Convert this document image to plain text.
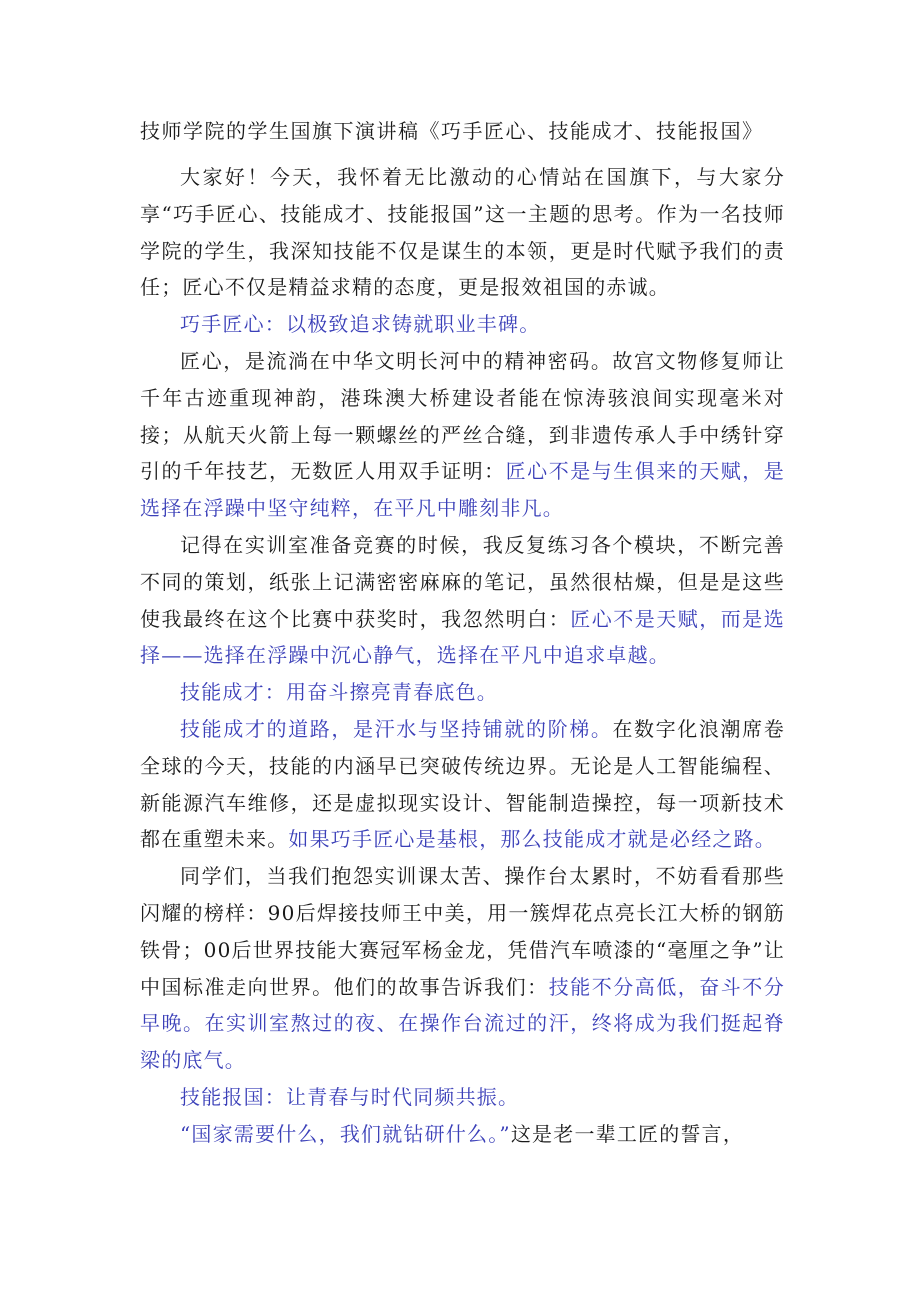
技师学院的学生国旗下演讲稿《巧手匠心、技能成才、技能报国》

大家好！今天，我怀着无比激动的心情站在国旗下，与大家分享“巧手匠心、技能成才、技能报国”这一主题的思考。作为一名技师学院的学生，我深知技能不仅是谋生的本领，更是时代赋予我们的责任；匠心不仅是精益求精的态度，更是报效祖国的赤诚。

巧手匠心：以极致追求铸就职业丰碑。

匠心，是流淌在中华文明长河中的精神密码。故宫文物修复师让千年古迹重现神韵，港珠澳大桥建设者能在惊涛骇浪间实现毫米对接；从航天火箭上每一颗螺丝的严丝合缝，到非遗传承人手中绣针穿引的千年技艺，无数匠人用双手证明：匠心不是与生俱来的天赋，是选择在浮躁中坚守纯粹，在平凡中雕刻非凡。

记得在实训室准备竞赛的时候，我反复练习各个模块，不断完善不同的策划，纸张上记满密密麻麻的笔记，虽然很枯燥，但是是这些使我最终在这个比赛中获奖时，我忽然明白：匠心不是天赋，而是选择——选择在浮躁中沉心静气，选择在平凡中追求卓越。

技能成才：用奋斗擦亮青春底色。

技能成才的道路，是汗水与坚持铺就的阶梯。在数字化浪潮席卷全球的今天，技能的内涵早已突破传统边界。无论是人工智能编程、新能源汽车维修，还是虚拟现实设计、智能制造操控，每一项新技术都在重塑未来。如果巧手匠心是基根，那么技能成才就是必经之路。

同学们，当我们抱怨实训课太苦、操作台太累时，不妨看看那些闪耀的榜样：90后焊接技师王中美，用一簇焊花点亮长江大桥的钢筋铁骨；00后世界技能大赛冠军杨金龙，凭借汽车喷漆的“毫厘之争”让中国标准走向世界。他们的故事告诉我们：技能不分高低，奋斗不分早晚。在实训室熬过的夜、在操作台流过的汗，终将成为我们挺起脊梁的底气。

技能报国：让青春与时代同频共振。

“国家需要什么，我们就钻研什么。”这是老一辈工匠的誓言，
